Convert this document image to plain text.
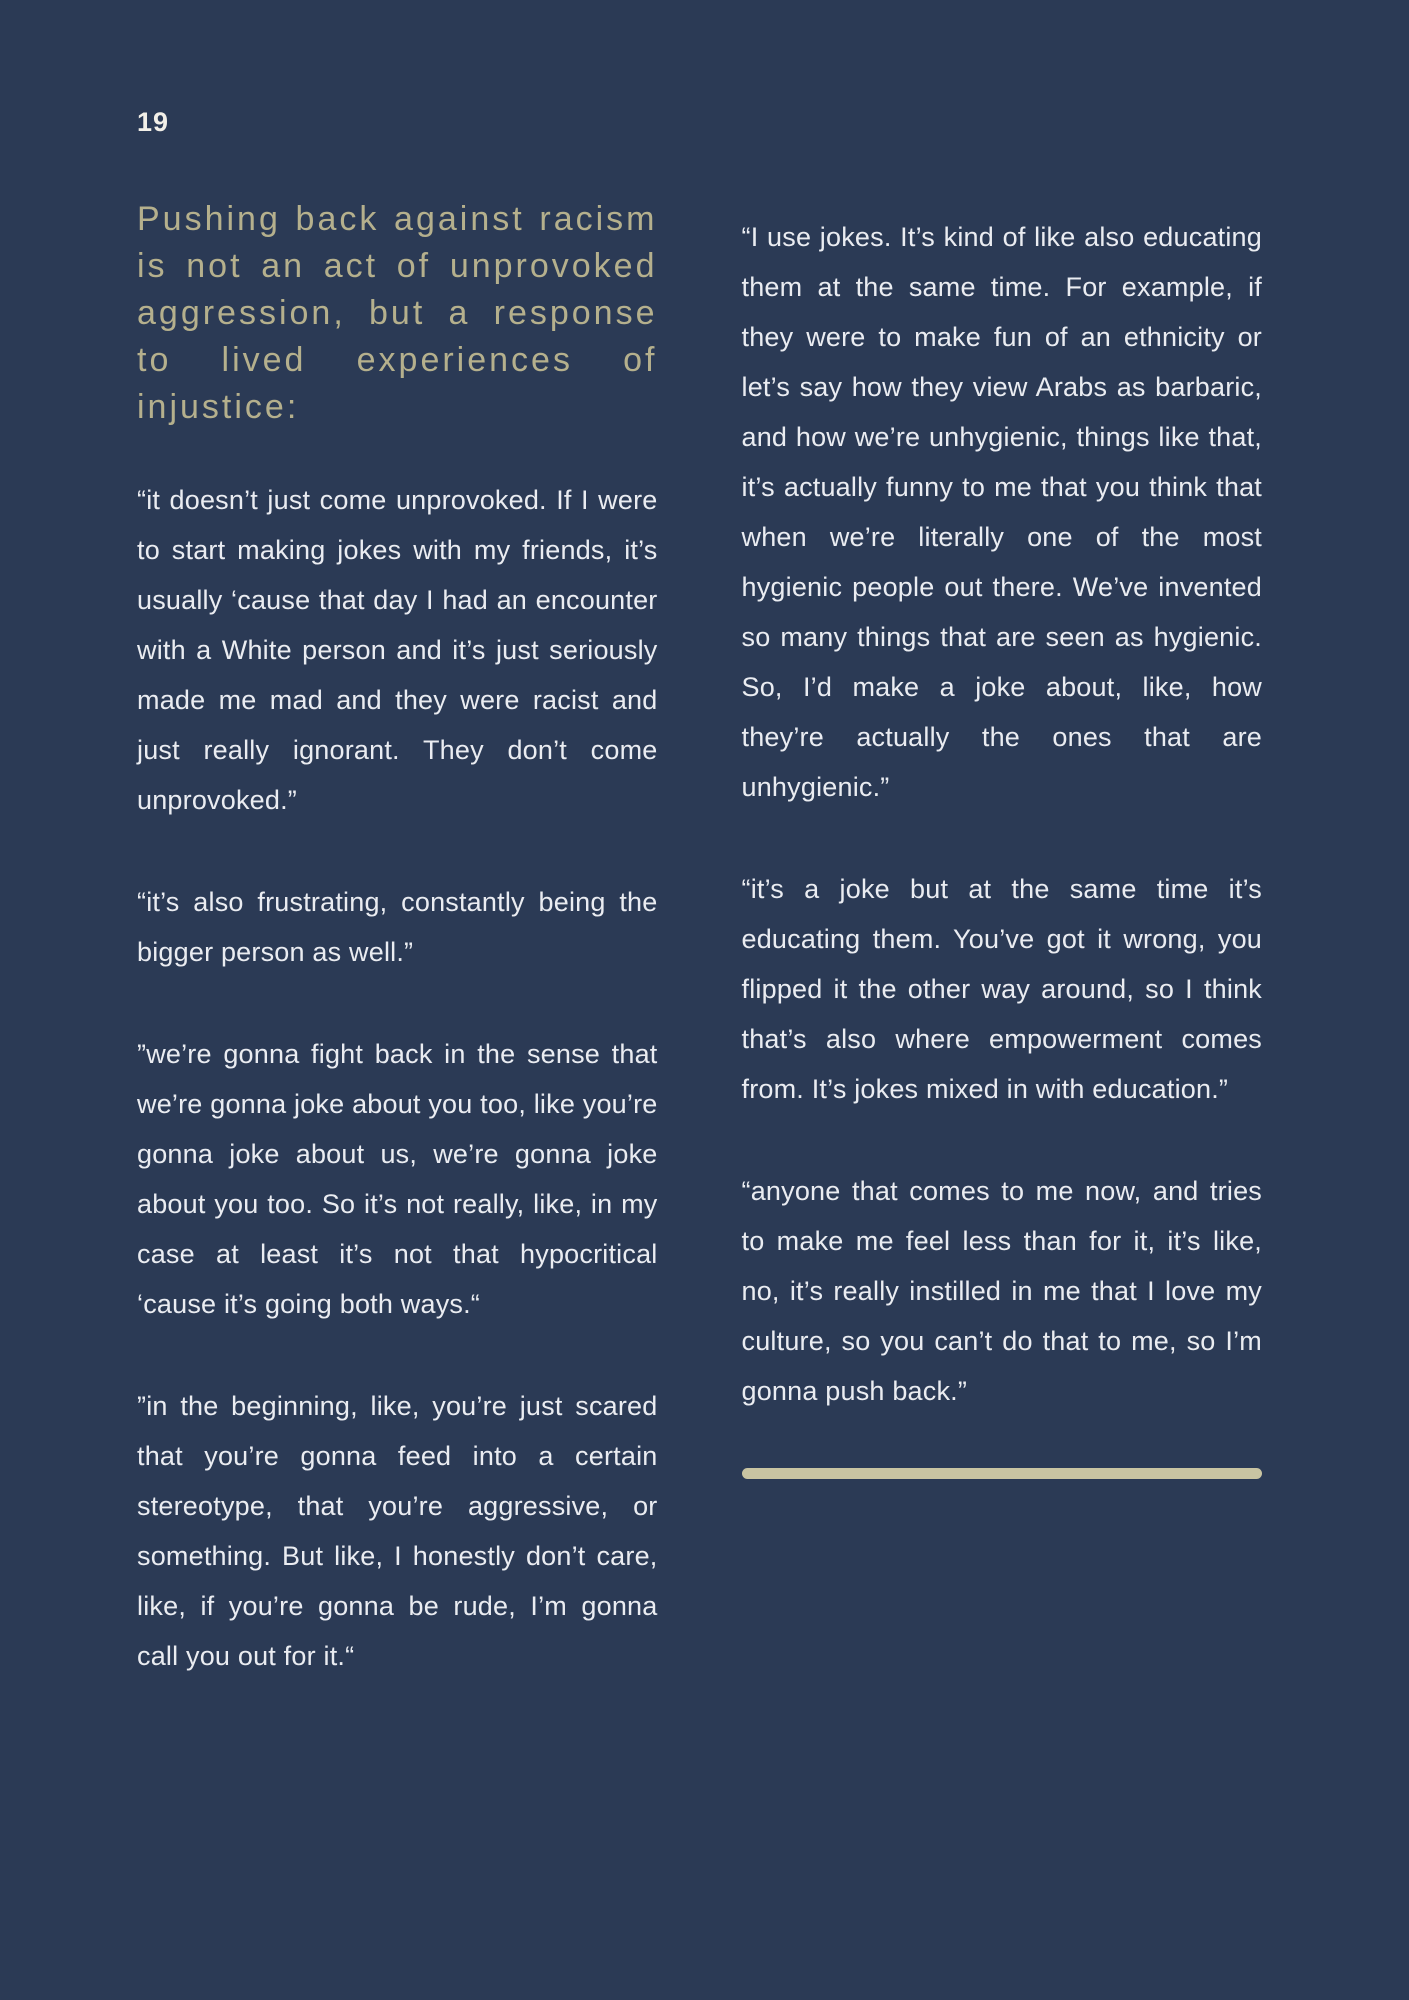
19
Pushing back against racism is not an act of unprovoked aggression, but a response to lived experiences of injustice:

“it doesn’t just come unprovoked. If I were to start making jokes with my friends, it’s usually ‘cause that day I had an encounter with a White person and it’s just seriously made me mad and they were racist and just really ignorant. They don’t come unprovoked.”

“it’s also frustrating, constantly being the bigger person as well.”

”we’re gonna fight back in the sense that we’re gonna joke about you too, like you’re gonna joke about us, we’re gonna joke about you too. So it’s not really, like, in my case at least it’s not that hypocritical ‘cause it’s going both ways.“

”in the beginning, like, you’re just scared that you’re gonna feed into a certain stereotype, that you’re aggressive, or something. But like, I honestly don’t care, like, if you’re gonna be rude, I’m gonna call you out for it.“

“I use jokes. It’s kind of like also educating them at the same time. For example, if they were to make fun of an ethnicity or let’s say how they view Arabs as barbaric, and how we’re unhygienic, things like that, it’s actually funny to me that you think that when we’re literally one of the most hygienic people out there. We’ve invented so many things that are seen as hygienic. So, I’d make a joke about, like, how they’re actually the ones that are unhygienic.”

“it’s a joke but at the same time it’s educating them. You’ve got it wrong, you flipped it the other way around, so I think that’s also where empowerment comes from. It’s jokes mixed in with education.”

“anyone that comes to me now, and tries to make me feel less than for it, it’s like, no, it’s really instilled in me that I love my culture, so you can’t do that to me, so I’m gonna push back.”
